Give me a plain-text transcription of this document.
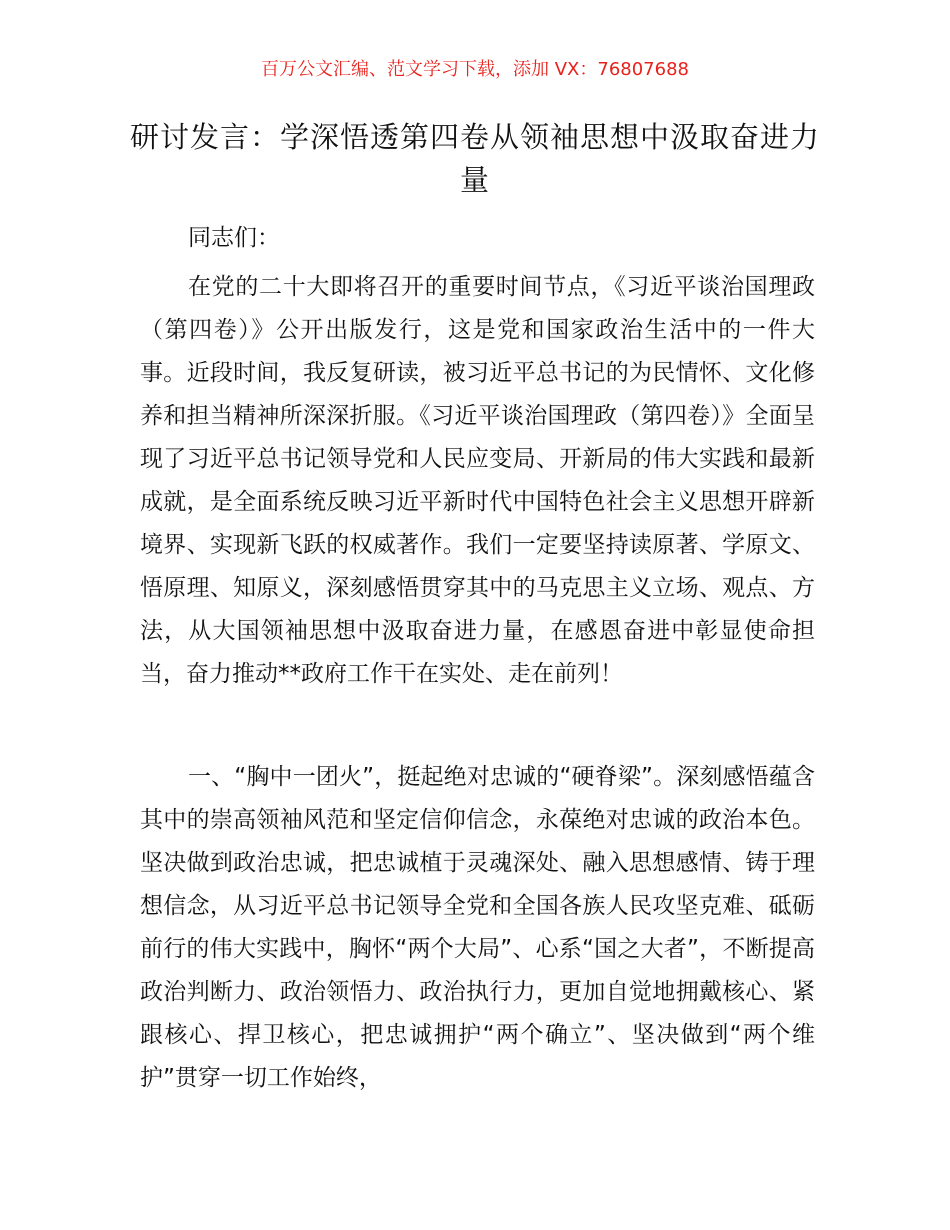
百万公文汇编、范文学习下载，添加 VX：76807688
研讨发言：学深悟透第四卷从领袖思想中汲取奋进力量

同志们：

在党的二十大即将召开的重要时间节点，《习近平谈治国理政（第四卷）》公开出版发行，这是党和国家政治生活中的一件大事。近段时间，我反复研读，被习近平总书记的为民情怀、文化修养和担当精神所深深折服。《习近平谈治国理政（第四卷）》全面呈现了习近平总书记领导党和人民应变局、开新局的伟大实践和最新成就，是全面系统反映习近平新时代中国特色社会主义思想开辟新境界、实现新飞跃的权威著作。我们一定要坚持读原著、学原文、悟原理、知原义，深刻感悟贯穿其中的马克思主义立场、观点、方法，从大国领袖思想中汲取奋进力量，在感恩奋进中彰显使命担当，奋力推动**政府工作干在实处、走在前列！

一、“胸中一团火”，挺起绝对忠诚的“硬脊梁”。深刻感悟蕴含其中的崇高领袖风范和坚定信仰信念，永葆绝对忠诚的政治本色。坚决做到政治忠诚，把忠诚植于灵魂深处、融入思想感情、铸于理想信念，从习近平总书记领导全党和全国各族人民攻坚克难、砥砺前行的伟大实践中，胸怀“两个大局”、心系“国之大者”，不断提高政治判断力、政治领悟力、政治执行力，更加自觉地拥戴核心、紧跟核心、捍卫核心，把忠诚拥护“两个确立”、坚决做到“两个维护”贯穿一切工作始终，
